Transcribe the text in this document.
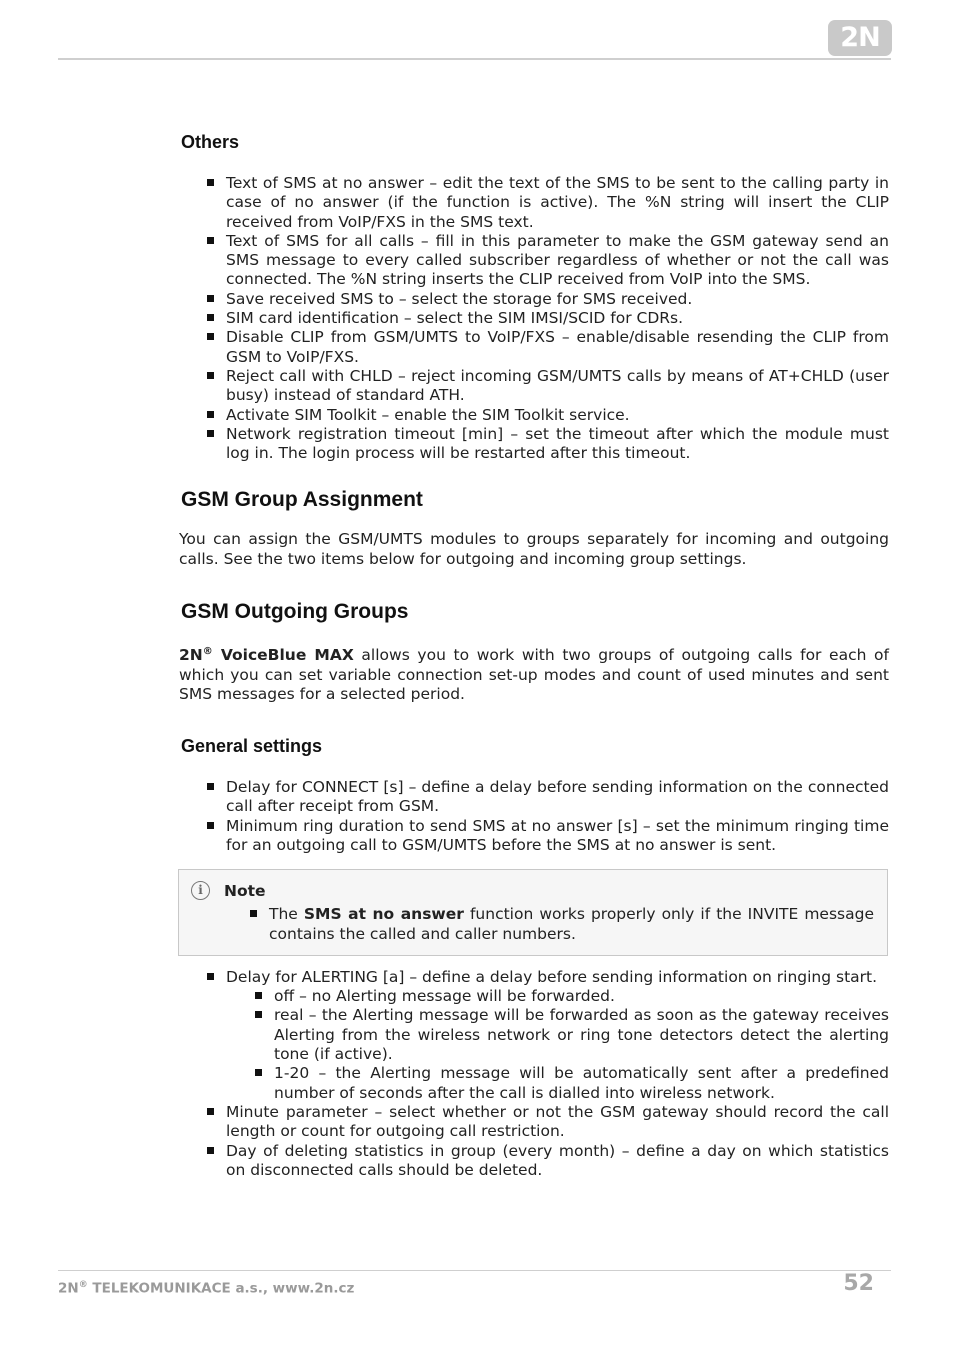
2N
Others
Text of SMS at no answer – edit the text of the SMS to be sent to the calling party in case of no answer (if the function is active). The %N string will insert the CLIP received from VoIP/FXS in the SMS text.
Text of SMS for all calls – fill in this parameter to make the GSM gateway send an SMS message to every called subscriber regardless of whether or not the call was connected. The %N string inserts the CLIP received from VoIP into the SMS.
Save received SMS to – select the storage for SMS received.
SIM card identification – select the SIM IMSI/SCID for CDRs.
Disable CLIP from GSM/UMTS to VoIP/FXS – enable/disable resending the CLIP from GSM to VoIP/FXS.
Reject call with CHLD – reject incoming GSM/UMTS calls by means of AT+CHLD (user busy) instead of standard ATH.
Activate SIM Toolkit – enable the SIM Toolkit service.
Network registration timeout [min] – set the timeout after which the module must log in. The login process will be restarted after this timeout.
GSM Group Assignment

You can assign the GSM/UMTS modules to groups separately for incoming and outgoing calls. See the two items below for outgoing and incoming group settings.

GSM Outgoing Groups

2N® VoiceBlue MAX allows you to work with two groups of outgoing calls for each of which you can set variable connection set-up modes and count of used minutes and sent SMS messages for a selected period.

General settings
Delay for CONNECT [s] – define a delay before sending information on the connected call after receipt from GSM.
Minimum ring duration to send SMS at no answer [s] – set the minimum ringing time for an outgoing call to GSM/UMTS before the SMS at no answer is sent.
i	Note
The SMS at no answer function works properly only if the INVITE message contains the called and caller numbers.
Delay for ALERTING [a] – define a delay before sending information on ringing start.
off – no Alerting message will be forwarded.
real – the Alerting message will be forwarded as soon as the gateway receives Alerting from the wireless network or ring tone detectors detect the alerting tone (if active).
1-20 – the Alerting message will be automatically sent after a predefined number of seconds after the call is dialled into wireless network.
Minute parameter – select whether or not the GSM gateway should record the call length or count for outgoing call restriction.
Day of deleting statistics in group (every month) – define a day on which statistics on disconnected calls should be deleted.
2N® TELEKOMUNIKACE a.s., www.2n.cz	52
